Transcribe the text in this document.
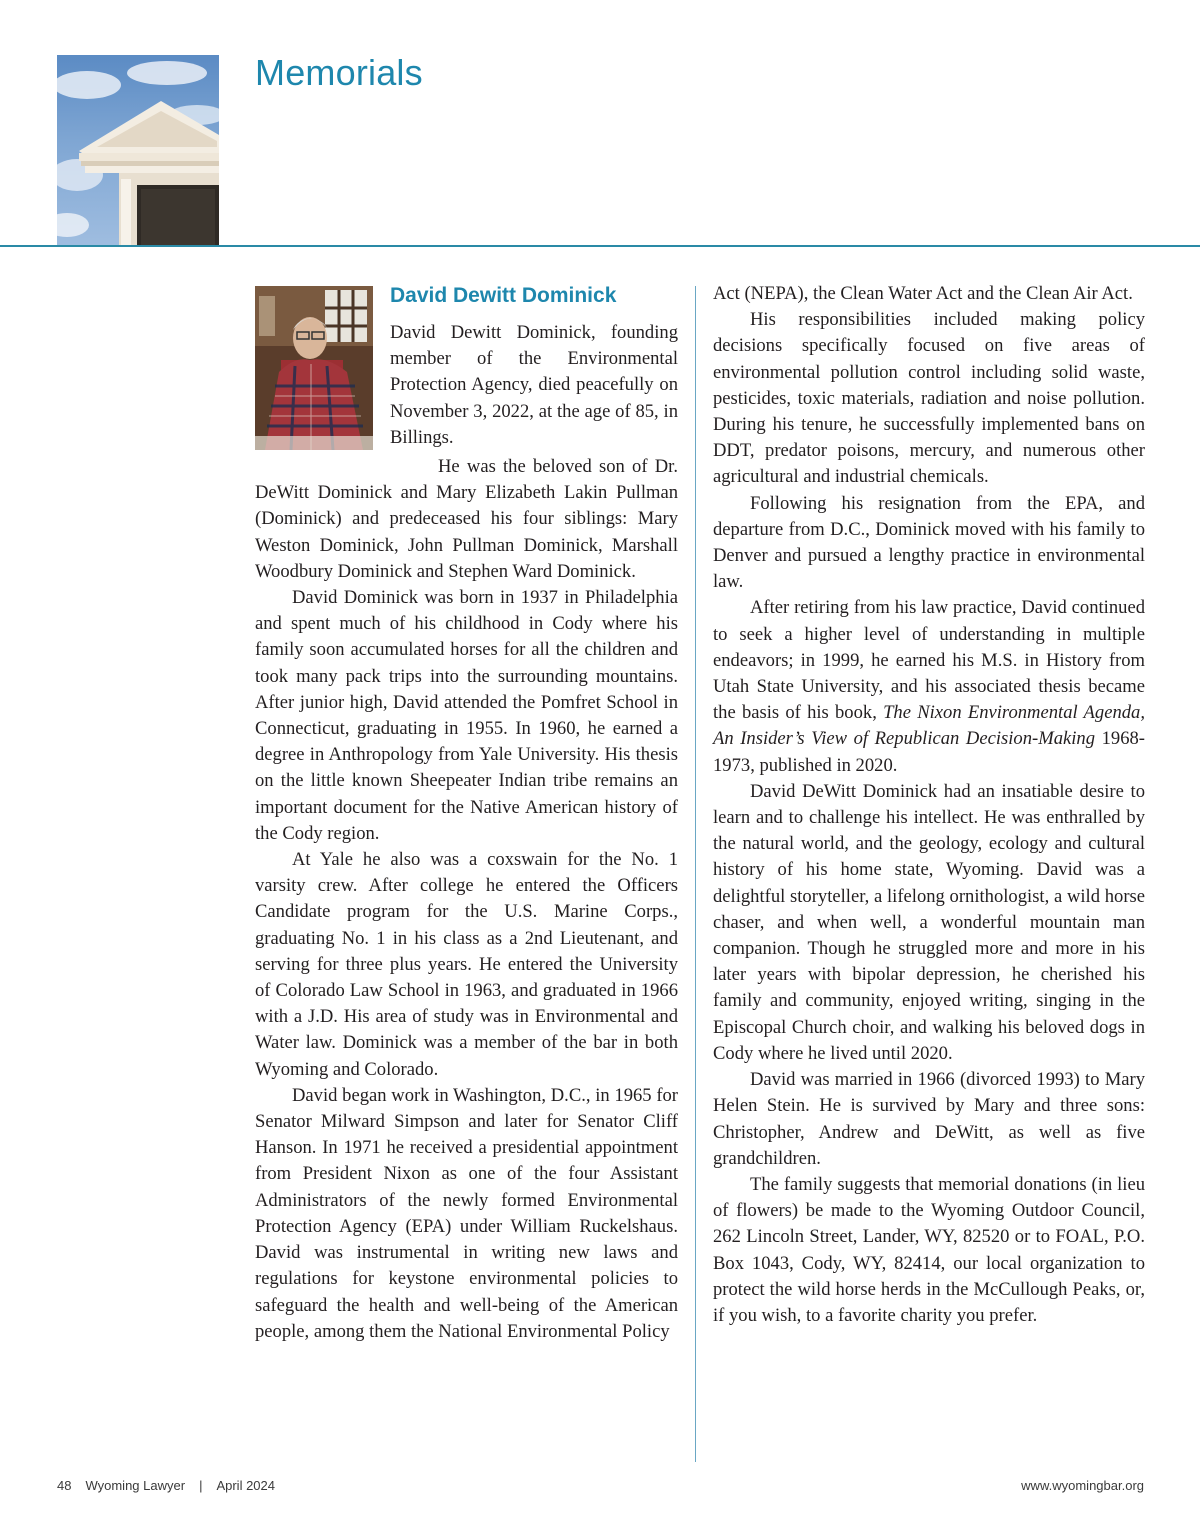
Memorials
David Dewitt Dominick

David Dewitt Dominick, founding member of the Environmental Protection Agency, died peacefully on November 3, 2022, at the age of 85, in Billings.

He was the beloved son of Dr. DeWitt Dominick and Mary Elizabeth Lakin Pullman (Dominick) and predeceased his four siblings: Mary Weston Dominick, John Pullman Dominick, Marshall Woodbury Dominick and Stephen Ward Dominick.

David Dominick was born in 1937 in Philadelphia and spent much of his childhood in Cody where his family soon accumulated horses for all the children and took many pack trips into the surrounding mountains. After junior high, David attended the Pomfret School in Connecticut, graduating in 1955. In 1960, he earned a degree in Anthropology from Yale University. His thesis on the little known Sheepeater Indian tribe remains an important document for the Native American history of the Cody region.

At Yale he also was a coxswain for the No. 1 varsity crew. After college he entered the Officers Candidate program for the U.S. Marine Corps., graduating No. 1 in his class as a 2nd Lieutenant, and serving for three plus years. He entered the University of Colorado Law School in 1963, and graduated in 1966 with a J.D. His area of study was in Environmental and Water law. Dominick was a member of the bar in both Wyoming and Colorado.

David began work in Washington, D.C., in 1965 for Senator Milward Simpson and later for Senator Cliff Hanson. In 1971 he received a presidential appointment from President Nixon as one of the four Assistant Administrators of the newly formed Environmental Protection Agency (EPA) under William Ruckelshaus. David was instrumental in writing new laws and regulations for keystone environmental policies to safeguard the health and well-being of the American people, among them the National Environmental Policy

Act (NEPA), the Clean Water Act and the Clean Air Act.

His responsibilities included making policy decisions specifically focused on five areas of environmental pollution control including solid waste, pesticides, toxic materials, radiation and noise pollution. During his tenure, he successfully implemented bans on DDT, predator poisons, mercury, and numerous other agricultural and industrial chemicals.

Following his resignation from the EPA, and departure from D.C., Dominick moved with his family to Denver and pursued a lengthy practice in environmental law.

After retiring from his law practice, David continued to seek a higher level of understanding in multiple endeavors; in 1999, he earned his M.S. in History from Utah State University, and his associated thesis became the basis of his book, The Nixon Environmental Agenda, An Insider’s View of Republican Decision-Making 1968-1973, published in 2020.

David DeWitt Dominick had an insatiable desire to learn and to challenge his intellect. He was enthralled by the natural world, and the geology, ecology and cultural history of his home state, Wyoming. David was a delightful storyteller, a lifelong ornithologist, a wild horse chaser, and when well, a wonderful mountain man companion. Though he struggled more and more in his later years with bipolar depression, he cherished his family and community, enjoyed writing, singing in the Episcopal Church choir, and walking his beloved dogs in Cody where he lived until 2020.

David was married in 1966 (divorced 1993) to Mary Helen Stein. He is survived by Mary and three sons: Christopher, Andrew and DeWitt, as well as five grandchildren.

The family suggests that memorial donations (in lieu of flowers) be made to the Wyoming Outdoor Council, 262 Lincoln Street, Lander, WY, 82520 or to FOAL, P.O. Box 1043, Cody, WY, 82414, our local organization to protect the wild horse herds in the McCullough Peaks, or, if you wish, to a favorite charity you prefer.

48 Wyoming Lawyer | April 2024	www.wyomingbar.org
